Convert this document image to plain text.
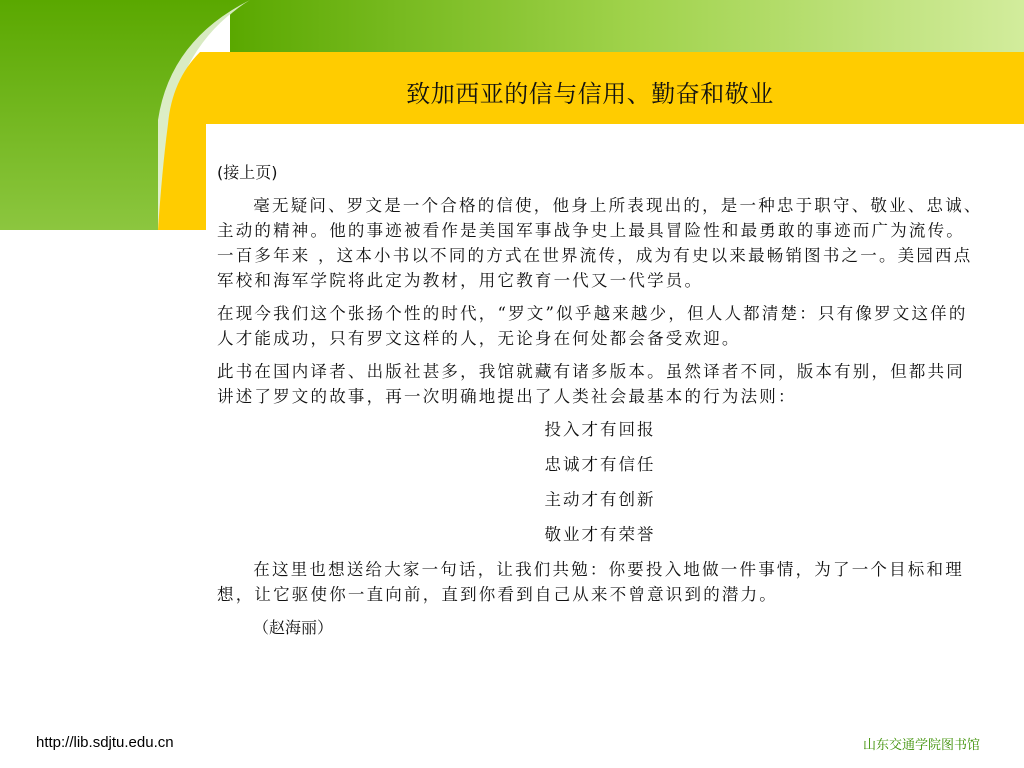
致加西亚的信与信用、勤奋和敬业

(接上页)

毫无疑问、罗文是一个合格的信使，他身上所表现出的，是一种忠于职守、敬业、忠诚、主动的精神。他的事迹被看作是美国军事战争史上最具冒险性和最勇敢的事迹而广为流传。一百多年来 ，这本小书以不同的方式在世界流传，成为有史以来最畅销图书之一。美园西点军校和海军学院将此定为教材，用它教育一代又一代学员。

在现今我们这个张扬个性的时代，“罗文”似乎越来越少，但人人都清楚：只有像罗文这佯的人才能成功，只有罗文这样的人，无论身在何处都会备受欢迎。

此书在国内译者、出版社甚多，我馆就藏有诸多版本。虽然译者不同，版本有别，但都共同讲述了罗文的故事，再一次明确地提出了人类社会最基本的行为法则：

投入才有回报

忠诚才有信任

主动才有创新

敬业才有荣誉

在这里也想送给大家一句话，让我们共勉：你要投入地做一件事情，为了一个目标和理想，让它驱使你一直向前，直到你看到自己从来不曾意识到的潜力。

（赵海丽）

http://lib.sdjtu.edu.cn	山东交通学院图书馆
